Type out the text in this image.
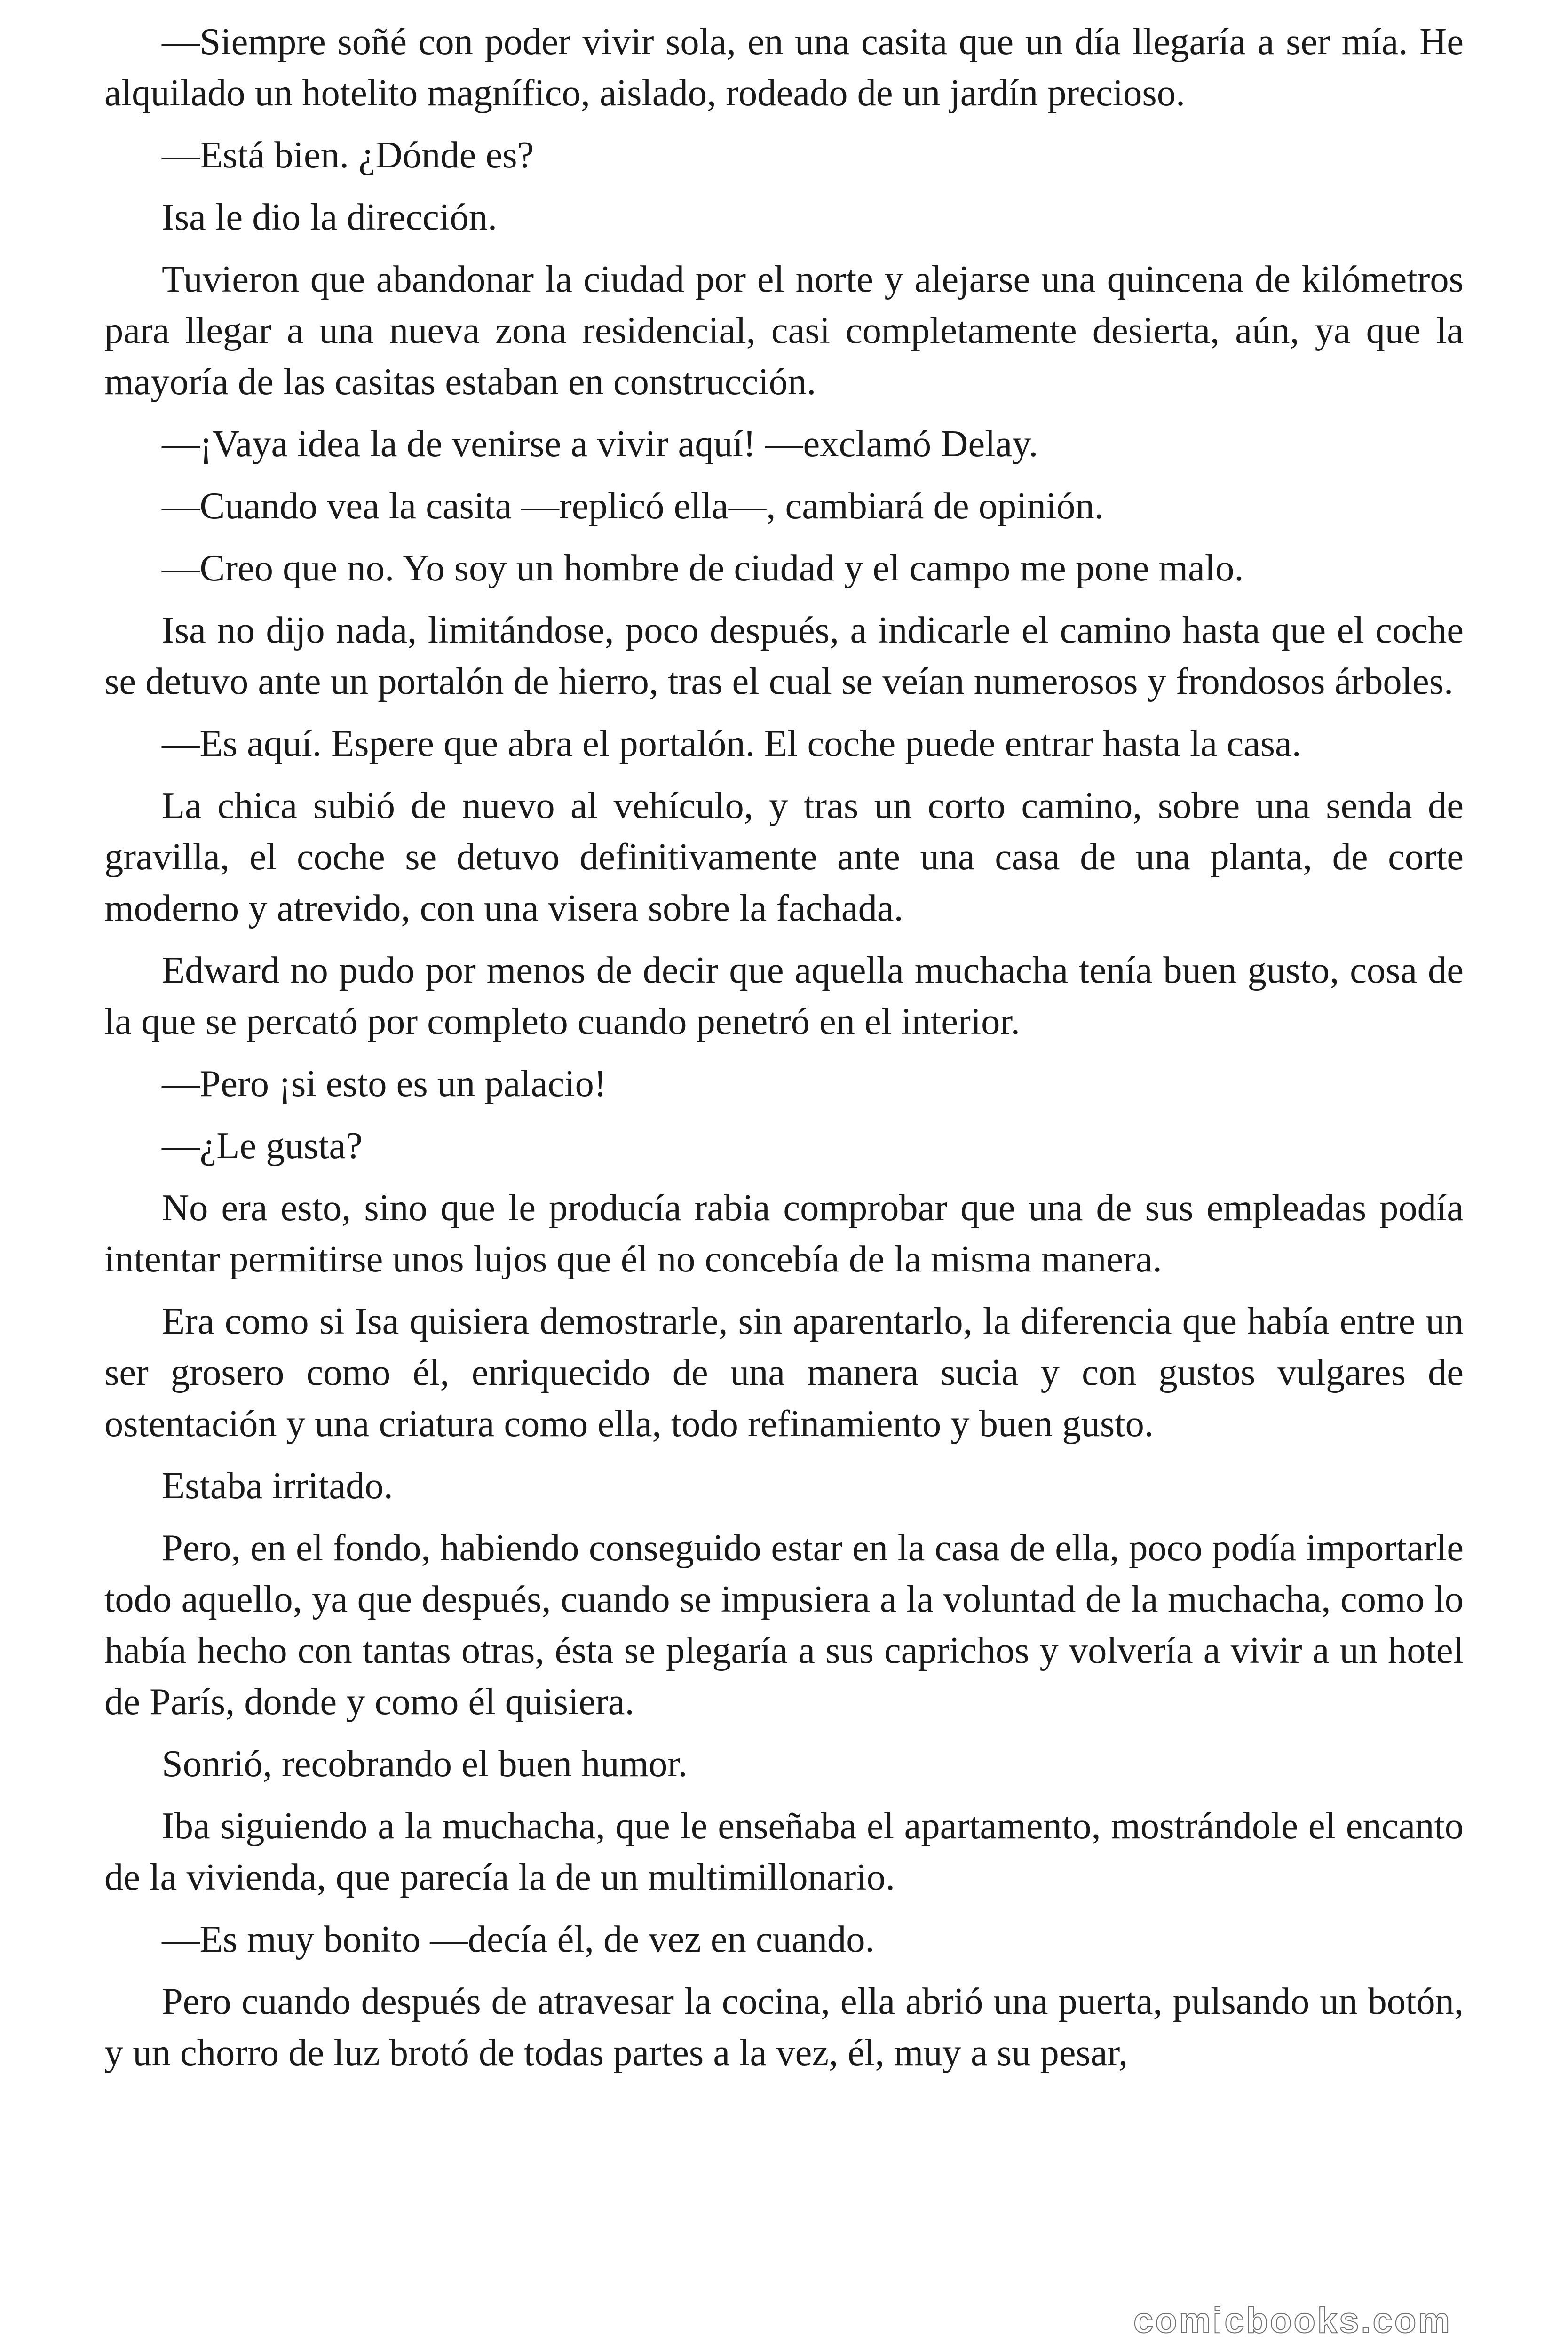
—Siempre soñé con poder vivir sola, en una casita que un día llegaría a ser mía. He alquilado un hotelito magnífico, aislado, rodeado de un jardín precioso.

—Está bien. ¿Dónde es?

Isa le dio la dirección.

Tuvieron que abandonar la ciudad por el norte y alejarse una quincena de kilómetros para llegar a una nueva zona residencial, casi completamente desierta, aún, ya que la mayoría de las casitas estaban en construcción.

—¡Vaya idea la de venirse a vivir aquí! —exclamó Delay.

—Cuando vea la casita —replicó ella—, cambiará de opinión.

—Creo que no. Yo soy un hombre de ciudad y el campo me pone malo.

Isa no dijo nada, limitándose, poco después, a indicarle el camino hasta que el coche se detuvo ante un portalón de hierro, tras el cual se veían numerosos y frondosos árboles.

—Es aquí. Espere que abra el portalón. El coche puede entrar hasta la casa.

La chica subió de nuevo al vehículo, y tras un corto camino, sobre una senda de gravilla, el coche se detuvo definitivamente ante una casa de una planta, de corte moderno y atrevido, con una visera sobre la fachada.

Edward no pudo por menos de decir que aquella muchacha tenía buen gusto, cosa de la que se percató por completo cuando penetró en el interior.

—Pero ¡si esto es un palacio!

—¿Le gusta?

No era esto, sino que le producía rabia comprobar que una de sus empleadas podía intentar permitirse unos lujos que él no concebía de la misma manera.

Era como si Isa quisiera demostrarle, sin aparentarlo, la diferencia que había entre un ser grosero como él, enriquecido de una manera sucia y con gustos vulgares de ostentación y una criatura como ella, todo refinamiento y buen gusto.

Estaba irritado.

Pero, en el fondo, habiendo conseguido estar en la casa de ella, poco podía importarle todo aquello, ya que después, cuando se impusiera a la voluntad de la muchacha, como lo había hecho con tantas otras, ésta se plegaría a sus caprichos y volvería a vivir a un hotel de París, donde y como él quisiera.

Sonrió, recobrando el buen humor.

Iba siguiendo a la muchacha, que le enseñaba el apartamento, mostrándole el encanto de la vivienda, que parecía la de un multimillonario.

—Es muy bonito —decía él, de vez en cuando.

Pero cuando después de atravesar la cocina, ella abrió una puerta, pulsando un botón, y un chorro de luz brotó de todas partes a la vez, él, muy a su pesar,

comicbooks.com
